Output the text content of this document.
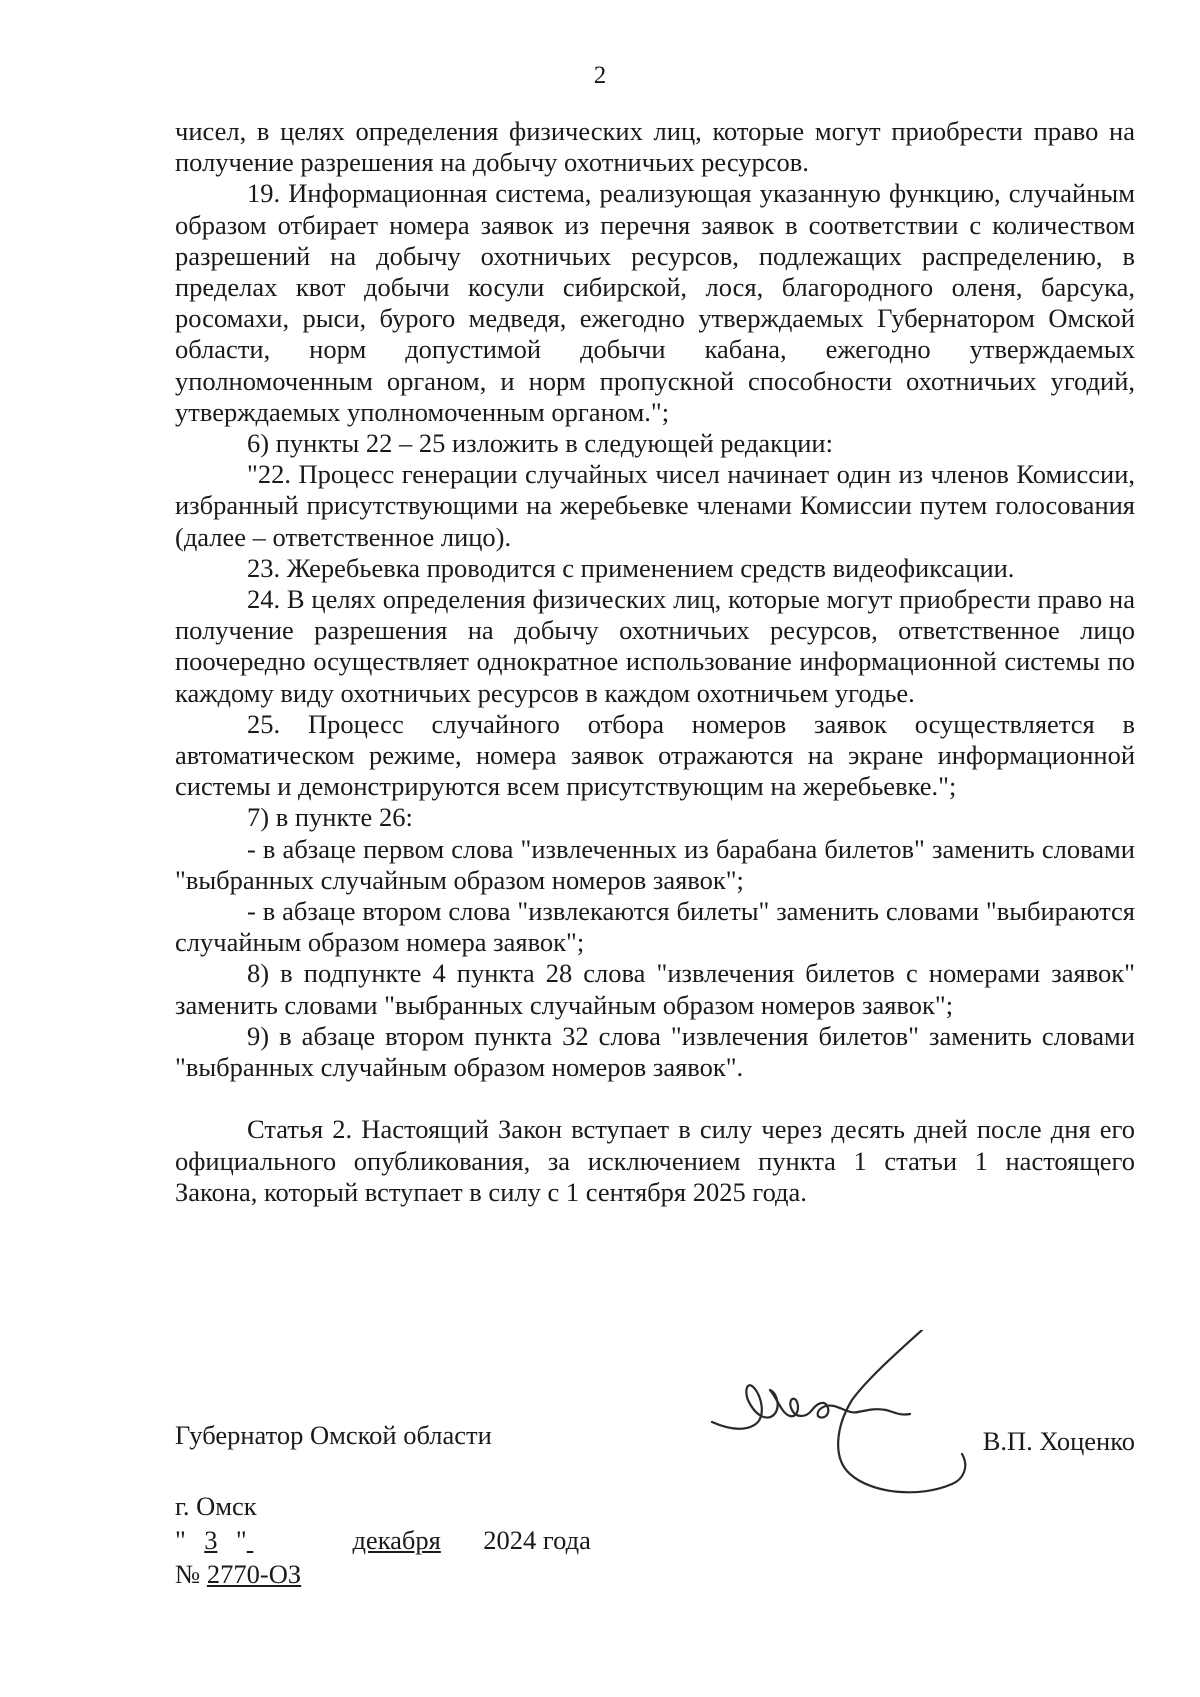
2

чисел, в целях определения физических лиц, которые могут приобрести право на получение разрешения на добычу охотничьих ресурсов.

19. Информационная система, реализующая указанную функцию, случайным образом отбирает номера заявок из перечня заявок в соответствии с количеством разрешений на добычу охотничьих ресурсов, подлежащих распределению, в пределах квот добычи косули сибирской, лося, благородного оленя, барсука, росомахи, рыси, бурого медведя, ежегодно утверждаемых Губернатором Омской области, норм допустимой добычи кабана, ежегодно утверждаемых уполномоченным органом, и норм пропускной способности охотничьих угодий, утверждаемых уполномоченным органом.";

6) пункты 22 – 25 изложить в следующей редакции:

"22. Процесс генерации случайных чисел начинает один из членов Комиссии, избранный присутствующими на жеребьевке членами Комиссии путем голосования (далее – ответственное лицо).

23. Жеребьевка проводится с применением средств видеофиксации.

24. В целях определения физических лиц, которые могут приобрести право на получение разрешения на добычу охотничьих ресурсов, ответственное лицо поочередно осуществляет однократное использование информационной системы по каждому виду охотничьих ресурсов в каждом охотничьем угодье.

25. Процесс случайного отбора номеров заявок осуществляется в автоматическом режиме, номера заявок отражаются на экране информационной системы и демонстрируются всем присутствующим на жеребьевке.";

7) в пункте 26:

- в абзаце первом слова "извлеченных из барабана билетов" заменить словами "выбранных случайным образом номеров заявок";

- в абзаце втором слова "извлекаются билеты" заменить словами "выбираются случайным образом номера заявок";

8) в подпункте 4 пункта 28 слова "извлечения билетов с номерами заявок" заменить словами "выбранных случайным образом номеров заявок";

9) в абзаце втором пункта 32 слова "извлечения билетов" заменить словами "выбранных случайным образом номеров заявок".

Статья 2. Настоящий Закон вступает в силу через десять дней после дня его официального опубликования, за исключением пункта 1 статьи 1 настоящего Закона, который вступает в силу с 1 сентября 2025 года.

Губернатор Омской области	В.П. Хоценко
г. Омск
" 3 "	декабря 2024 года
№ 2770-ОЗ
